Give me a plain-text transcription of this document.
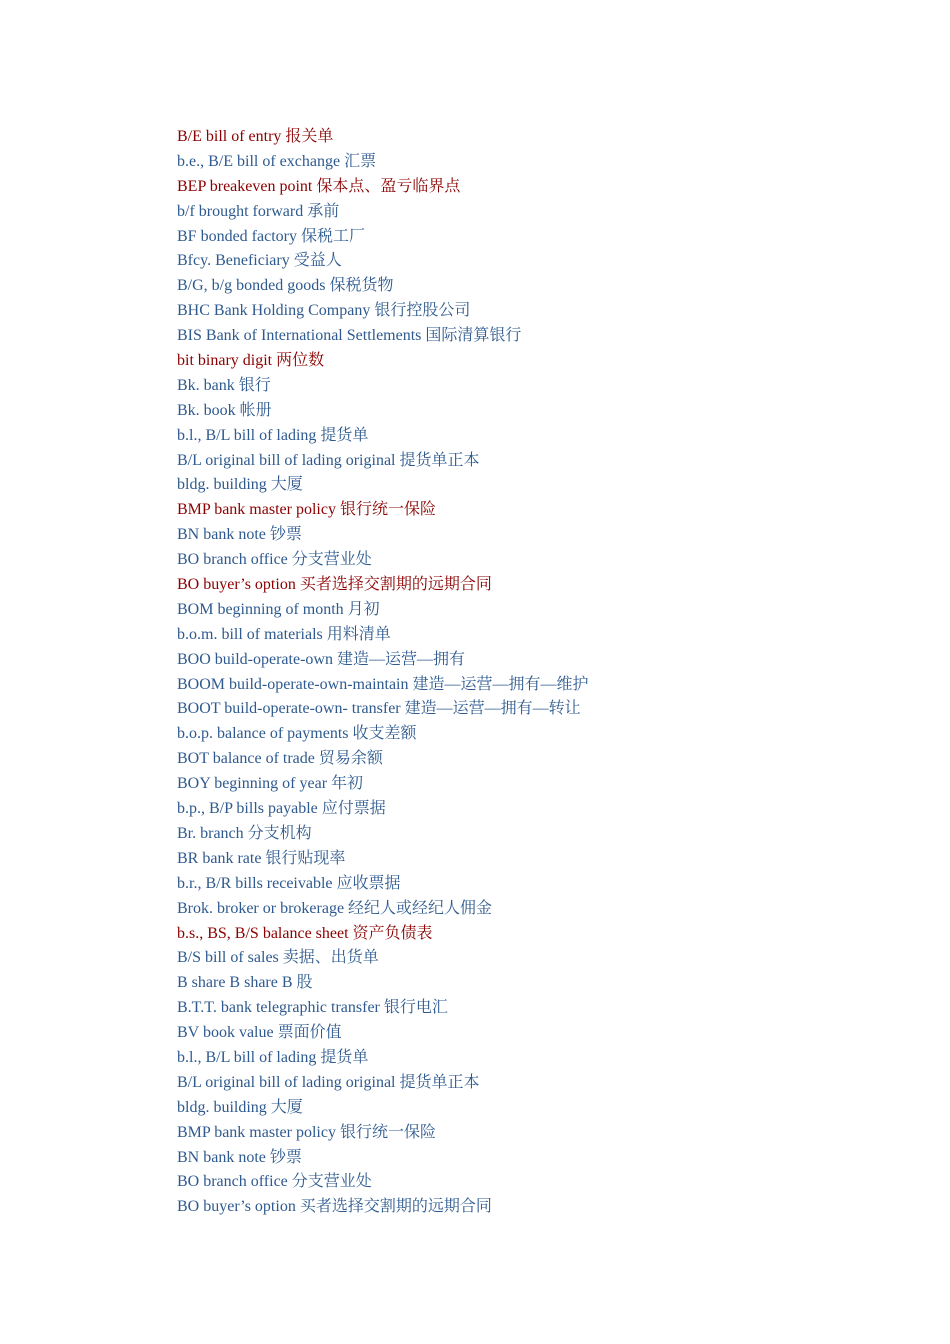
B/E bill of entry 报关单
b.e., B/E bill of exchange 汇票
BEP breakeven point 保本点、盈亏临界点
b/f brought forward 承前
BF bonded factory 保税工厂
Bfcy. Beneficiary 受益人
B/G, b/g bonded goods 保税货物
BHC Bank Holding Company 银行控股公司
BIS Bank of International Settlements 国际清算银行
bit binary digit 两位数
Bk. bank 银行
Bk. book 帐册
b.l., B/L bill of lading 提货单
B/L original bill of lading original 提货单正本
bldg. building 大厦
BMP bank master policy 银行统一保险
BN bank note 钞票
BO branch office 分支营业处
BO buyer’s option 买者选择交割期的远期合同
BOM beginning of month 月初
b.o.m. bill of materials 用料清单
BOO build-operate-own 建造—运营—拥有
BOOM build-operate-own-maintain 建造—运营—拥有—维护
BOOT build-operate-own- transfer 建造—运营—拥有—转让
b.o.p. balance of payments 收支差额
BOT balance of trade 贸易余额
BOY beginning of year 年初
b.p., B/P bills payable 应付票据
Br. branch 分支机构
BR bank rate 银行贴现率
b.r., B/R bills receivable 应收票据
Brok. broker or brokerage 经纪人或经纪人佣金
b.s., BS, B/S balance sheet 资产负债表
B/S bill of sales 卖据、出货单
B share B share B 股
B.T.T. bank telegraphic transfer 银行电汇
BV book value 票面价值
b.l., B/L bill of lading 提货单
B/L original bill of lading original 提货单正本
bldg. building 大厦
BMP bank master policy 银行统一保险
BN bank note 钞票
BO branch office 分支营业处
BO buyer’s option 买者选择交割期的远期合同
